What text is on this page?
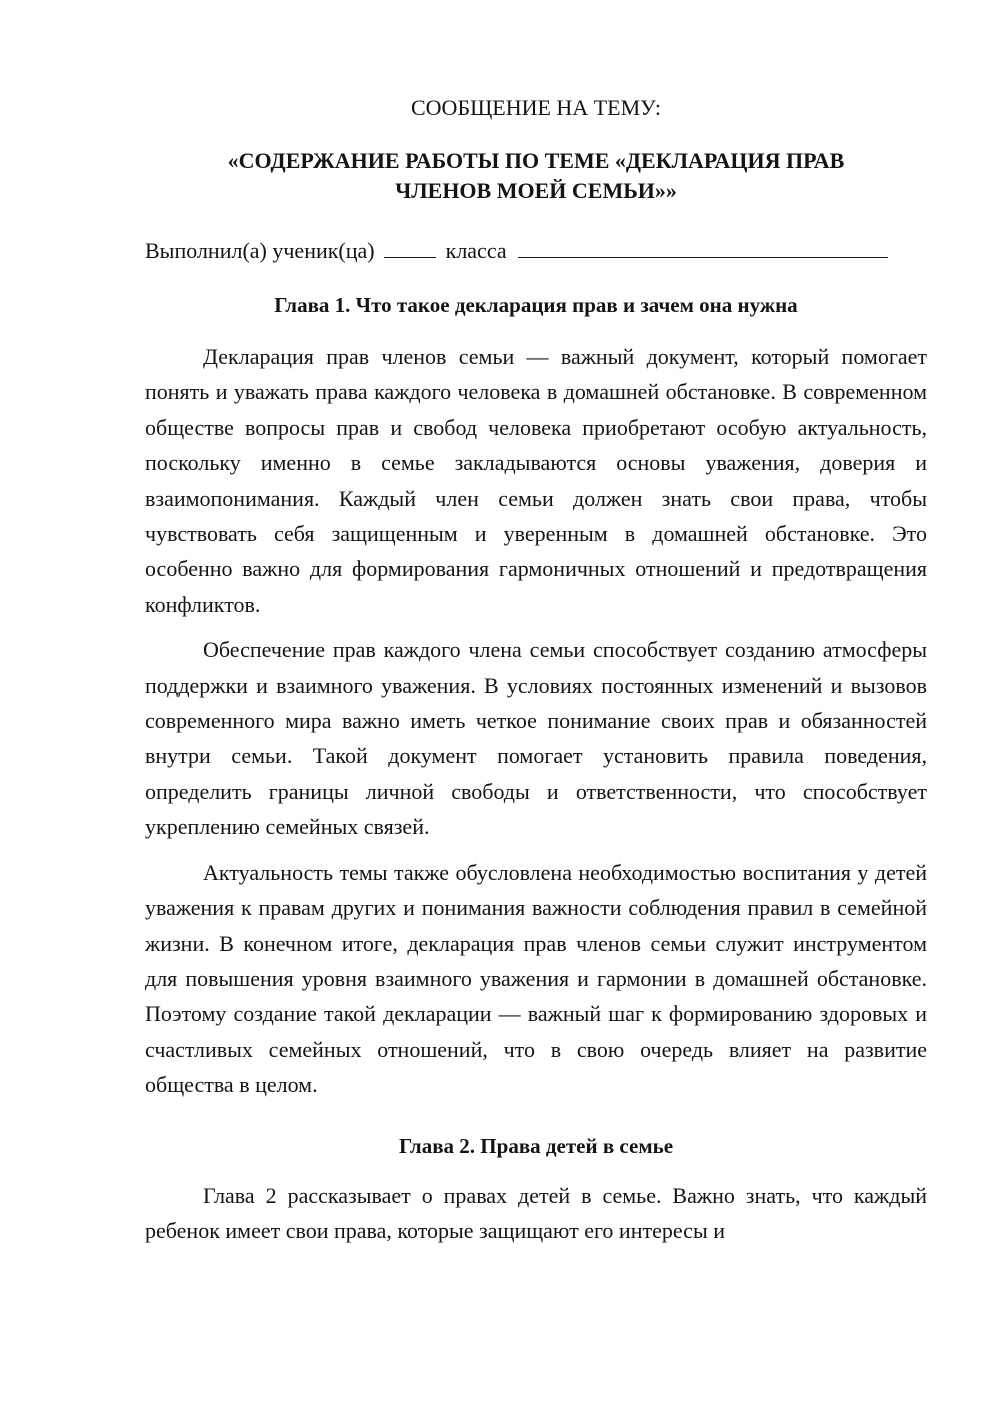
СООБЩЕНИЕ НА ТЕМУ:

«СОДЕРЖАНИЕ РАБОТЫ ПО ТЕМЕ «ДЕКЛАРАЦИЯ ПРАВ
ЧЛЕНОВ МОЕЙ СЕМЬИ»»

Выполнил(а) ученик(ца)	класса

Глава 1. Что такое декларация прав и зачем она нужна

Декларация прав членов семьи — важный документ, который помогает понять и уважать права каждого человека в домашней обстановке. В современном обществе вопросы прав и свобод человека приобретают особую актуальность, поскольку именно в семье закладываются основы уважения, доверия и взаимопонимания. Каждый член семьи должен знать свои права, чтобы чувствовать себя защищенным и уверенным в домашней обстановке. Это особенно важно для формирования гармоничных отношений и предотвращения конфликтов.

Обеспечение прав каждого члена семьи способствует созданию атмосферы поддержки и взаимного уважения. В условиях постоянных изменений и вызовов современного мира важно иметь четкое понимание своих прав и обязанностей внутри семьи. Такой документ помогает установить правила поведения, определить границы личной свободы и ответственности, что способствует укреплению семейных связей.

Актуальность темы также обусловлена необходимостью воспитания у детей уважения к правам других и понимания важности соблюдения правил в семейной жизни. В конечном итоге, декларация прав членов семьи служит инструментом для повышения уровня взаимного уважения и гармонии в домашней обстановке. Поэтому создание такой декларации — важный шаг к формированию здоровых и счастливых семейных отношений, что в свою очередь влияет на развитие общества в целом.

Глава 2. Права детей в семье

Глава 2 рассказывает о правах детей в семье. Важно знать, что каждый ребенок имеет свои права, которые защищают его интересы и
